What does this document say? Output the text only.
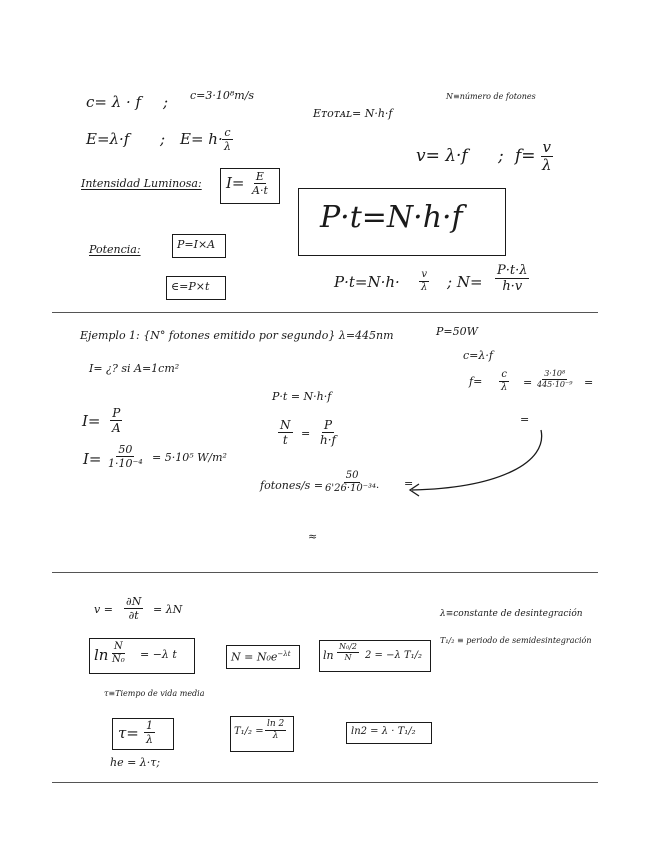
c= λ · f ; c=3·10⁸m/s
Eᴛᴏᴛᴀʟ= N·h·f
N≡número de fotones
E=λ·f ; $E= h\cdot \frac{c}{\lambda}$
v= λ·f ; $f= \frac{v}{\lambda}$
Intensidad Luminosa: $I= \frac{E}{A\cdot t}$
P·t=N·h·f
Potencia:	P=I×A
∈=P×t	$P\cdot t=N\cdot h\cdot \frac{v}{\lambda}$ ; $N= \frac{P\cdot t\cdot\lambda}{h\cdot v}$
Ejemplo 1: {N° fotones emitido por segundo} λ=445nm	P=50W
I= ¿? si A=1cm²
c=λ·f
$f= \frac{c}{\lambda} = \frac{\text{3·10⁸}}{\text{445·10⁻⁹}}$ =
P·t = N·h·f
$I= \frac{P}{A}$	$\frac{N}{t} = \frac{P}{h\cdot f}$	=
$I= \frac{50}{\text{1·10⁻⁴}} = 5\cdot 10^5$ W/m²
fotones/s = $\frac{50}{\text{6'26·10⁻³⁴·}}$ =
≈
$v = \frac{\partial N}{\partial t} = \lambda N$	λ≡constante de desintegración
T₁/₂ ≡ periodo de semidesintegración
$\ln \frac{N}{\text{N₀}} = -\lambda$ t	$N = N_0e^{-\lambda t}$	$\ln \frac{\text{N₀/2}}{N} 2 = -\lambda$ T₁/₂
τ≡Tiempo de vida media
$\tau= \frac{1}{\lambda}$	$T_1/_2 = \frac{\ln 2}{\lambda}$	ln2 = λ · T₁/₂
he = λ·τ;
